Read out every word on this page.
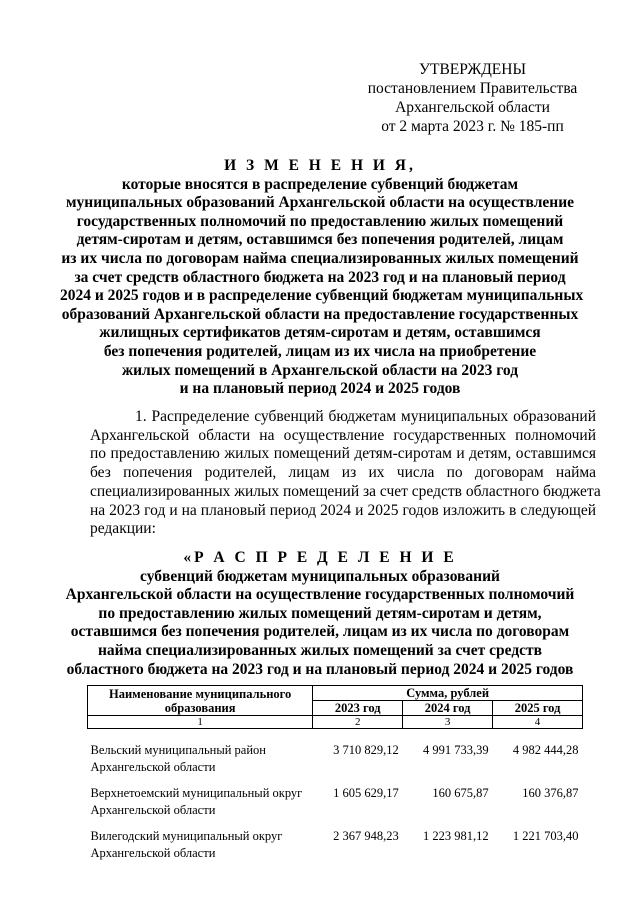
УТВЕРЖДЕНЫ
постановлением Правительства
Архангельской области
от 2 марта 2023 г. № 185-пп
И З М Е Н Е Н И Я,
которые вносятся в распределение субвенций бюджетам
муниципальных образований Архангельской области на осуществление
государственных полномочий по предоставлению жилых помещений
детям-сиротам и детям, оставшимся без попечения родителей, лицам
из их числа по договорам найма специализированных жилых помещений
за счет средств областного бюджета на 2023 год и на плановый период
2024 и 2025 годов и в распределение субвенций бюджетам муниципальных
образований Архангельской области на предоставление государственных
жилищных сертификатов детям-сиротам и детям, оставшимся
без попечения родителей, лицам из их числа на приобретение
жилых помещений в Архангельской области на 2023 год
и на плановый период 2024 и 2025 годов
1. Распределение субвенций бюджетам муниципальных образований
Архангельской области на осуществление государственных полномочий
по предоставлению жилых помещений детям-сиротам и детям, оставшимся
без попечения родителей, лицам из их числа по договорам найма
специализированных жилых помещений за счет средств областного бюджета
на 2023 год и на плановый период 2024 и 2025 годов изложить в следующей
редакции:
«Р А С П Р Е Д Е Л Е Н И Е
субвенций бюджетам муниципальных образований
Архангельской области на осуществление государственных полномочий
по предоставлению жилых помещений детям-сиротам и детям,
оставшимся без попечения родителей, лицам из их числа по договорам
найма специализированных жилых помещений за счет средств
областного бюджета на 2023 год и на плановый период 2024 и 2025 годов
Наименование муниципального образования	Сумма, рублей		
	2023 год	2024 год	2025 год
1	2	3	4
Вельский муниципальный район Архангельской области	3 710 829,12	4 991 733,39	4 982 444,28
Верхнетоемский муниципальный округ Архангельской области	1 605 629,17	160 675,87	160 376,87
Вилегодский муниципальный округ Архангельской области	2 367 948,23	1 223 981,12	1 221 703,40
